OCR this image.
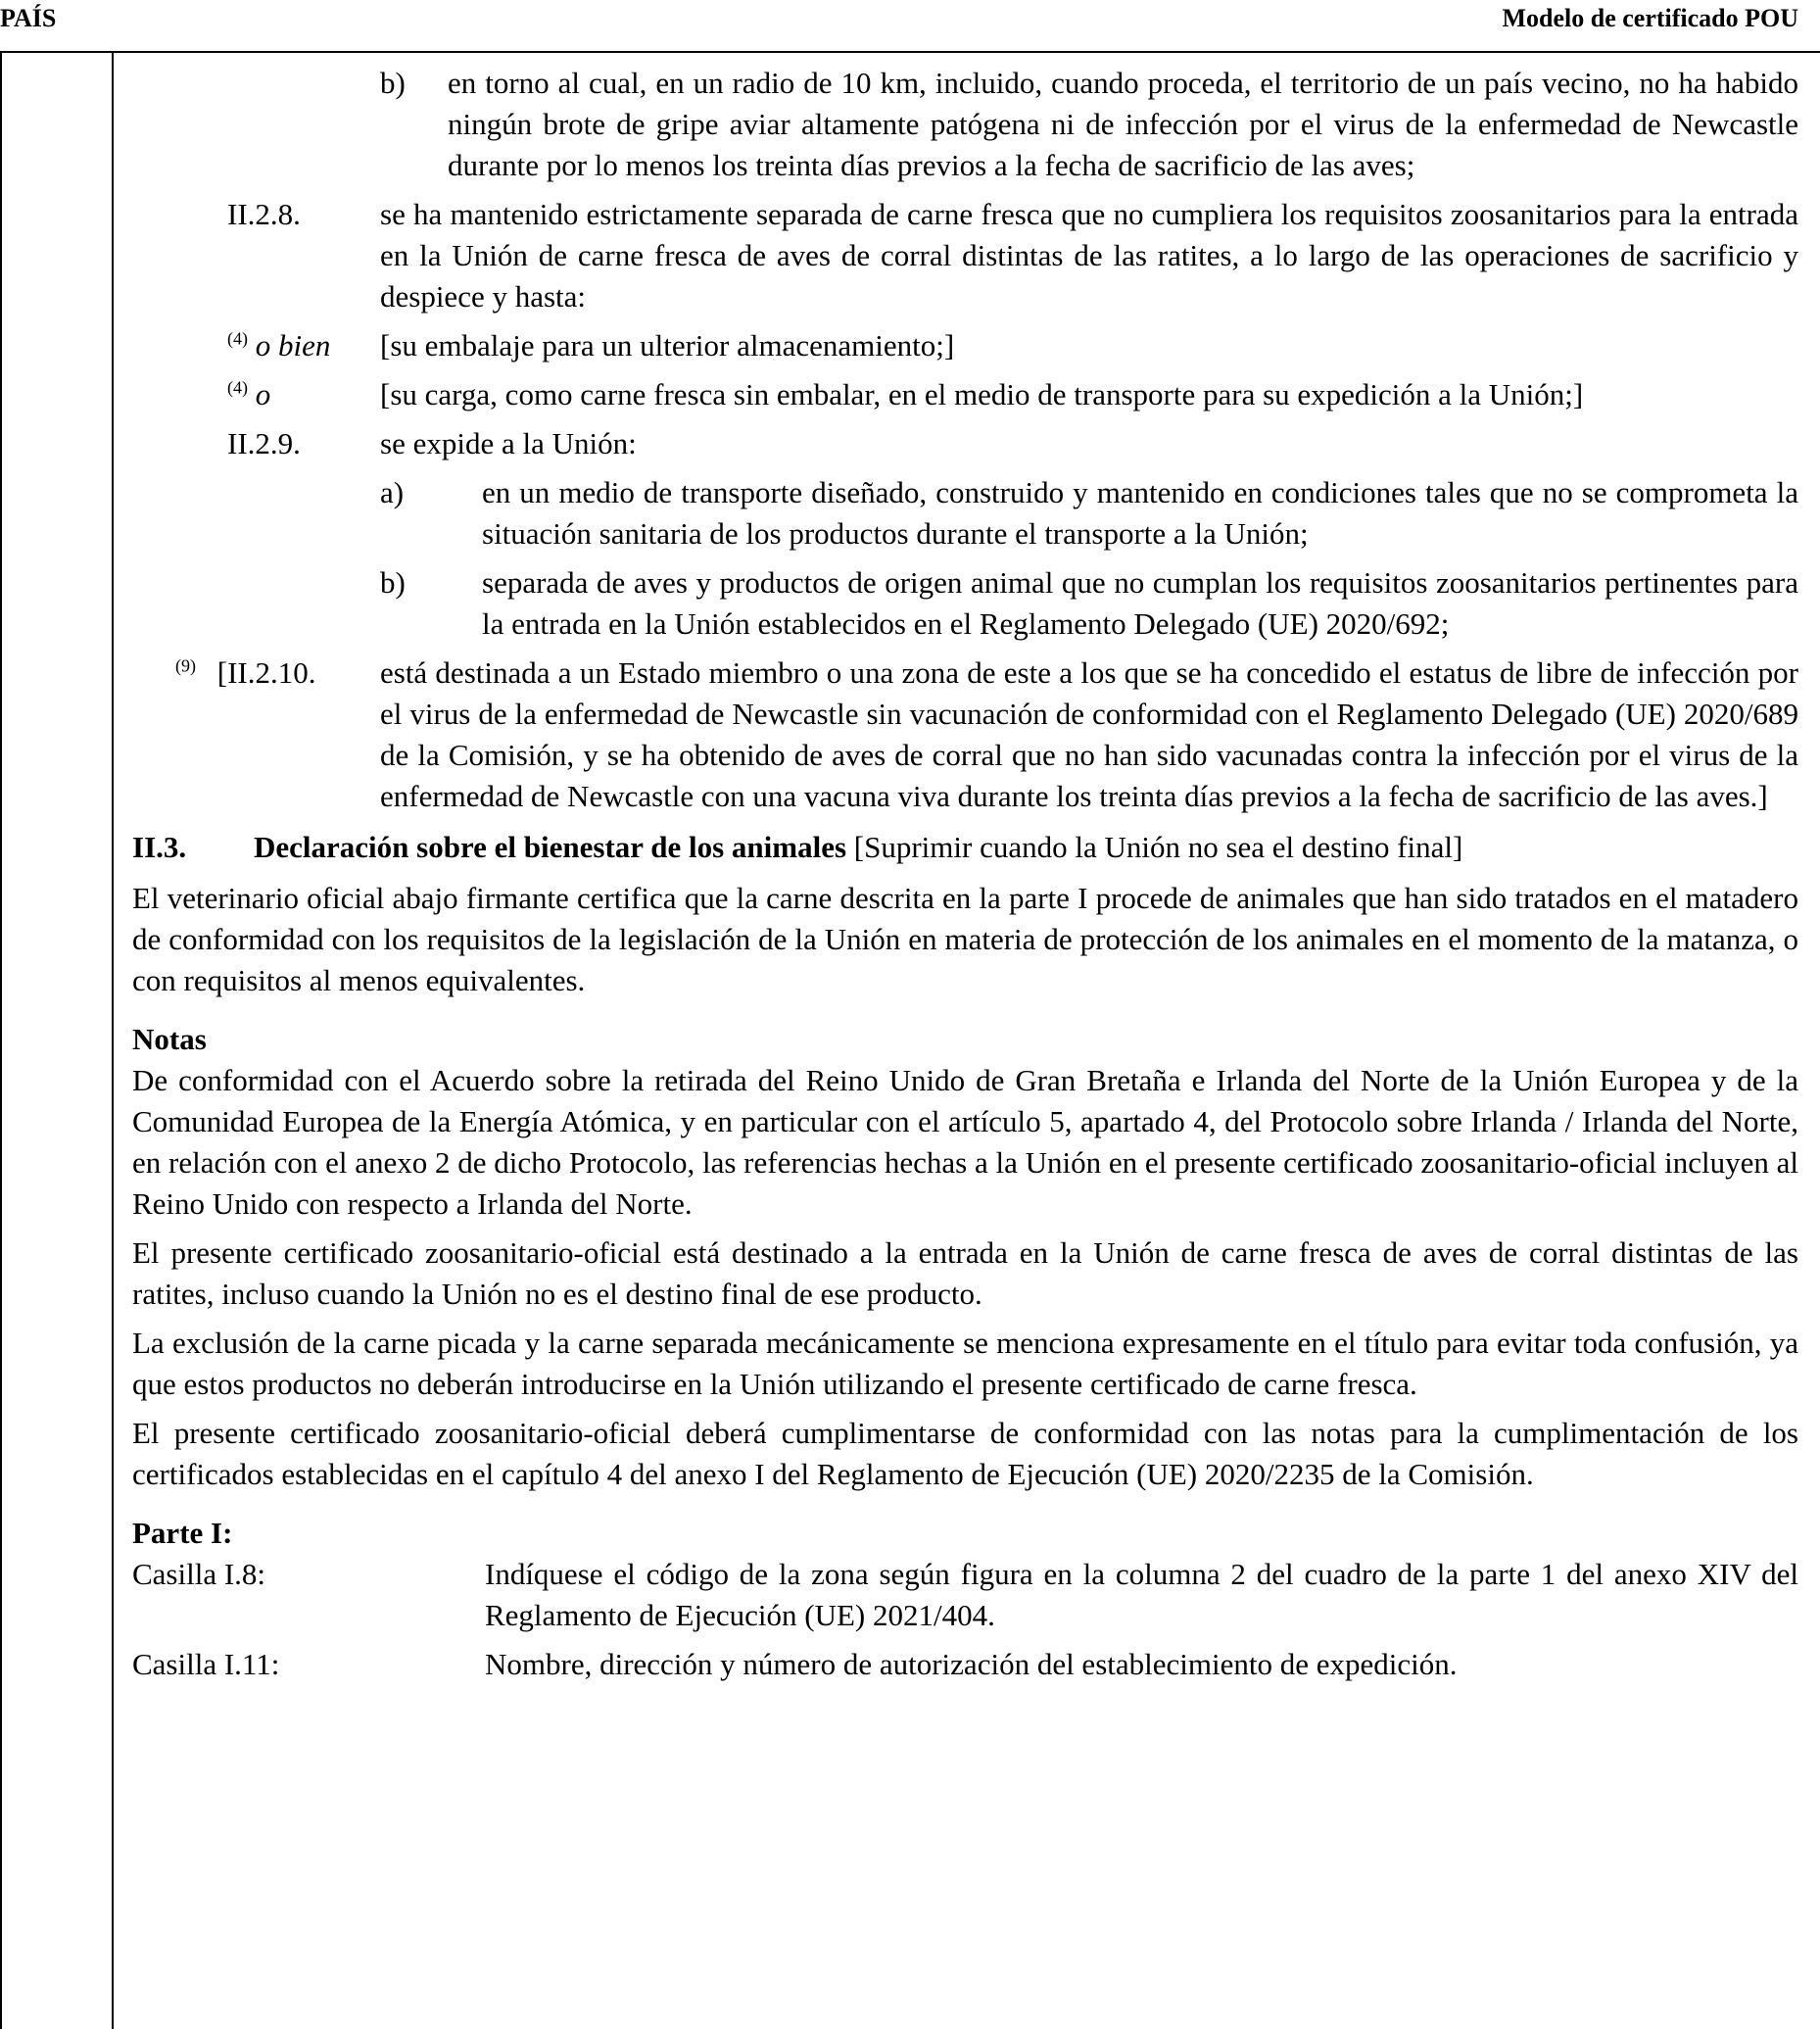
PAÍS	Modelo de certificado POU
b)	en torno al cual, en un radio de 10 km, incluido, cuando proceda, el territorio de un país vecino, no ha habido ningún brote de gripe aviar altamente patógena ni de infección por el virus de la enfermedad de Newcastle durante por lo menos los treinta días previos a la fecha de sacrificio de las aves;
II.2.8.	se ha mantenido estrictamente separada de carne fresca que no cumpliera los requisitos zoosanitarios para la entrada en la Unión de carne fresca de aves de corral distintas de las ratites, a lo largo de las operaciones de sacrificio y despiece y hasta:
$^{(4)}$ o bien	[su embalaje para un ulterior almacenamiento;]
$^{(4)}$ o	[su carga, como carne fresca sin embalar, en el medio de transporte para su expedición a la Unión;]
II.2.9.	se expide a la Unión:
a)	en un medio de transporte diseñado, construido y mantenido en condiciones tales que no se comprometa la situación sanitaria de los productos durante el transporte a la Unión;
b)	separada de aves y productos de origen animal que no cumplan los requisitos zoosanitarios pertinentes para la entrada en la Unión establecidos en el Reglamento Delegado (UE) 2020/692;
$^{(9)}$ [II.2.10.	está destinada a un Estado miembro o una zona de este a los que se ha concedido el estatus de libre de infección por el virus de la enfermedad de Newcastle sin vacunación de conformidad con el Reglamento Delegado (UE) 2020/689 de la Comisión, y se ha obtenido de aves de corral que no han sido vacunadas contra la infección por el virus de la enfermedad de Newcastle con una vacuna viva durante los treinta días previos a la fecha de sacrificio de las aves.]
II.3.	Declaración sobre el bienestar de los animales [Suprimir cuando la Unión no sea el destino final]

El veterinario oficial abajo firmante certifica que la carne descrita en la parte I procede de animales que han sido tratados en el matadero de conformidad con los requisitos de la legislación de la Unión en materia de protección de los animales en el momento de la matanza, o con requisitos al menos equivalentes.

Notas

De conformidad con el Acuerdo sobre la retirada del Reino Unido de Gran Bretaña e Irlanda del Norte de la Unión Europea y de la Comunidad Europea de la Energía Atómica, y en particular con el artículo 5, apartado 4, del Protocolo sobre Irlanda / Irlanda del Norte, en relación con el anexo 2 de dicho Protocolo, las referencias hechas a la Unión en el presente certificado zoosanitario-oficial incluyen al Reino Unido con respecto a Irlanda del Norte.

El presente certificado zoosanitario-oficial está destinado a la entrada en la Unión de carne fresca de aves de corral distintas de las ratites, incluso cuando la Unión no es el destino final de ese producto.

La exclusión de la carne picada y la carne separada mecánicamente se menciona expresamente en el título para evitar toda confusión, ya que estos productos no deberán introducirse en la Unión utilizando el presente certificado de carne fresca.

El presente certificado zoosanitario-oficial deberá cumplimentarse de conformidad con las notas para la cumplimentación de los certificados establecidas en el capítulo 4 del anexo I del Reglamento de Ejecución (UE) 2020/2235 de la Comisión.

Parte I:

Casilla I.8:	Indíquese el código de la zona según figura en la columna 2 del cuadro de la parte 1 del anexo XIV del Reglamento de Ejecución (UE) 2021/404.
Casilla I.11:	Nombre, dirección y número de autorización del establecimiento de expedición.
